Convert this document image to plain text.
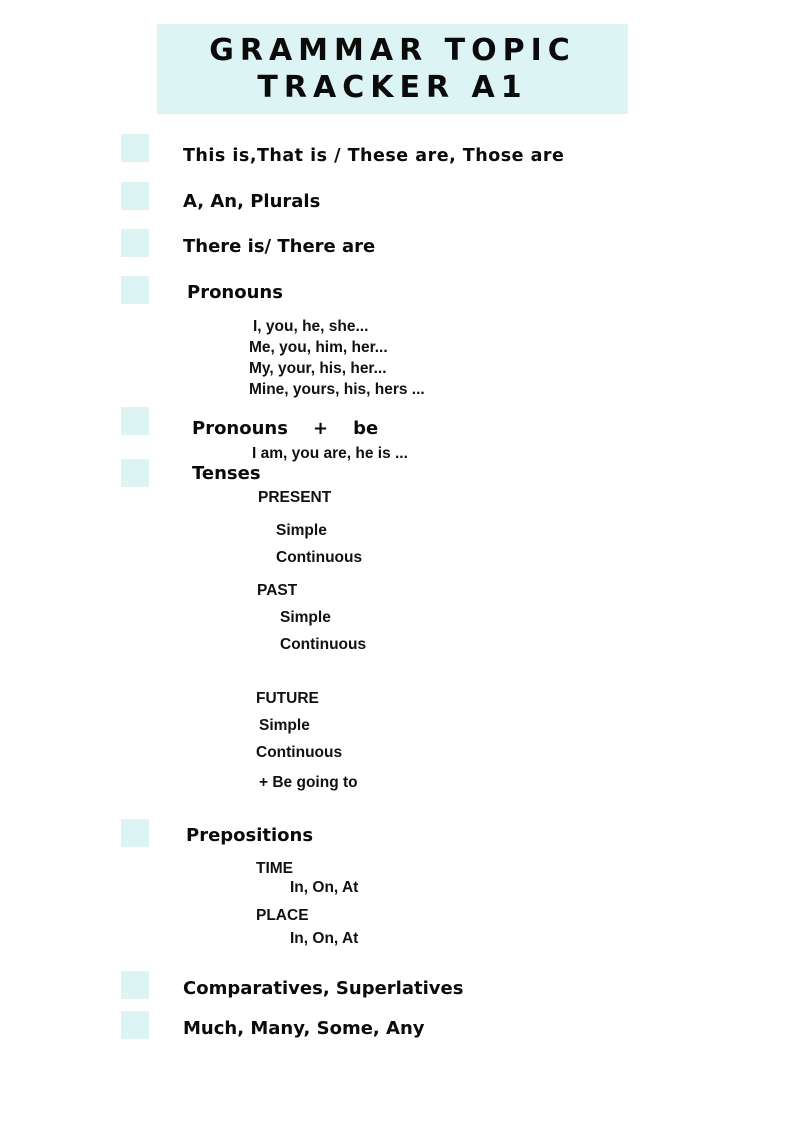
GRAMMAR TOPIC
TRACKER A1
This is,That is / These are, Those are
A, An, Plurals
There is/ There are
Pronouns
I, you, he, she...
Me, you, him, her...
My, your, his, her...
Mine, yours, his, hers ...
Pronouns    +    be
I am, you are, he is ...
Tenses
PRESENT
Simple
Continuous
PAST
Simple
Continuous
FUTURE
Simple
Continuous
+ Be going to
Prepositions
TIME
In, On, At
PLACE
In, On, At
Comparatives, Superlatives
Much, Many, Some, Any
